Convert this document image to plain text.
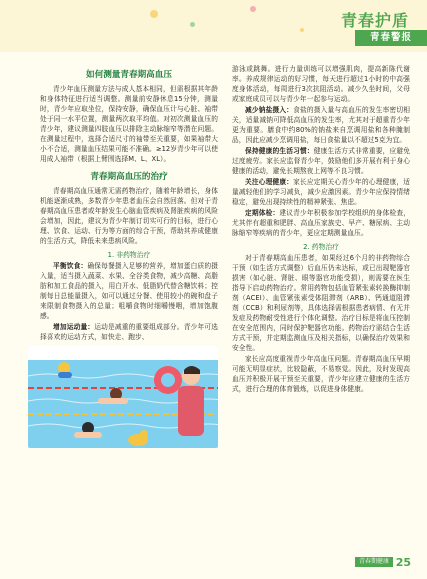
青春护盾
青春警报
如何测量青春期高血压

青少年血压测量方法与成人基本相同，但需根据其年龄和身体特征进行适当调整。测量前安静休息15分钟，测量时，青少年应取坐位，保持安静，确保血压计与心脏、袖带处于同一水平位置，测量两次取平均值。对初次测量血压的青少年，建议测量四肢血压以排除主动脉缩窄等潜在问题。在测量过程中，选择合适尺寸的袖带至关重要，如果袖带大小不合适，测量血压结果可能不准确。≥12岁青少年可以使用成人袖带（根据上臂围选择M、L、XL）。

青春期高血压的治疗

青春期高血压通常无需药物治疗，随着年龄增长，身体机能逐渐成熟，多数青少年患者血压会自然回落。但对于青春期高血压患者或年龄发生心脑血管疾病及肾脏疾病的风险会增加，因此，建议为青少年制订切实可行的目标，进行心理、饮食、运动、行为等方面的综合干预，帮助其养成健康的生活方式，降低未来患病风险。

1. 非药物治疗

平衡饮食：确保每餐摄入足够的营养，增加蛋白质的摄入量，适当摄入蔬菜、水果、全谷类食物，减少高糖、高脂肪和加工食品的摄入，用白开水、低脂奶代替含糖饮料；控制每日总能量摄入，如可以通过分餐、使用较小的碗和盘子来限制食物摄入的总量；咀嚼食物时细嚼慢咽，增加饱腹感。

增加运动量：运动是减重的重要组成部分。青少年可选择喜欢的运动方式，如快走、跑步、

游泳或跳舞。进行力量训练可以增强肌肉，提高新陈代谢率。养成规律运动的好习惯，每天进行超过1小时的中高强度身体活动，每周进行3次抗阻活动。减少久坐时间，父母或家庭成员可以与青少年一起参与运动。

减少钠盐摄入：食盐的摄入量与高血压的发生率密切相关，适量减钠可降低高血压的发生率，尤其对于超重青少年更为重要。膳食中约80%的钠盐来自烹调用盐和各种腌制品，因此应减少烹调用盐，每日食盐量以不超过5克为宜。

保持健康的生活习惯：健康生活方式非常重要，应避免过度疲劳。家长应监督青少年，鼓励他们多开展有利于身心健康的活动，避免长期熬夜上网等不良习惯。

关注心理健康：家长应定期关心青少年的心理健康，适量减轻他们的学习减负，减少应激因素。青少年应保持情绪稳定，避免出现持续性的精神紧张、焦虑。

定期体检：建议青少年积极参加学校组织的身体检查，尤其伴有超重和肥胖、高血压家族史、早产、糖尿病、主动脉缩窄等疾病的青少年，更应定期测量血压。

2. 药物治疗

对于青春期高血压患者，如果经过6个月的非药物综合干预（如生活方式调整）后血压仍未达标，或已出现靶器官损害（如心脏、肾脏、眼等器官功能受损），则需要在医生指导下启动药物治疗。常用药物包括血管紧张素转换酶抑制剂（ACEI）、血管紧张素受体阻滞剂（ARB）、钙通道阻滞剂（CCB）和利尿剂等，具体选择需根据患者病情、有无并发症及药物耐受性进行个体化调整。治疗目标是将血压控制在安全范围内，同时保护靶器官功能。药物治疗需结合生活方式干预，并定期监测血压及相关指标，以确保治疗效果和安全性。

家长应高度重视青少年高血压问题。青春期高血压早期可能无明显症状，比较隐蔽，不易察觉。因此，及时发现高血压并积极开展干预至关重要，青少年应建立健康的生活方式，进行合理的体育锻炼，以促进身体健康。

青春期健康 25
